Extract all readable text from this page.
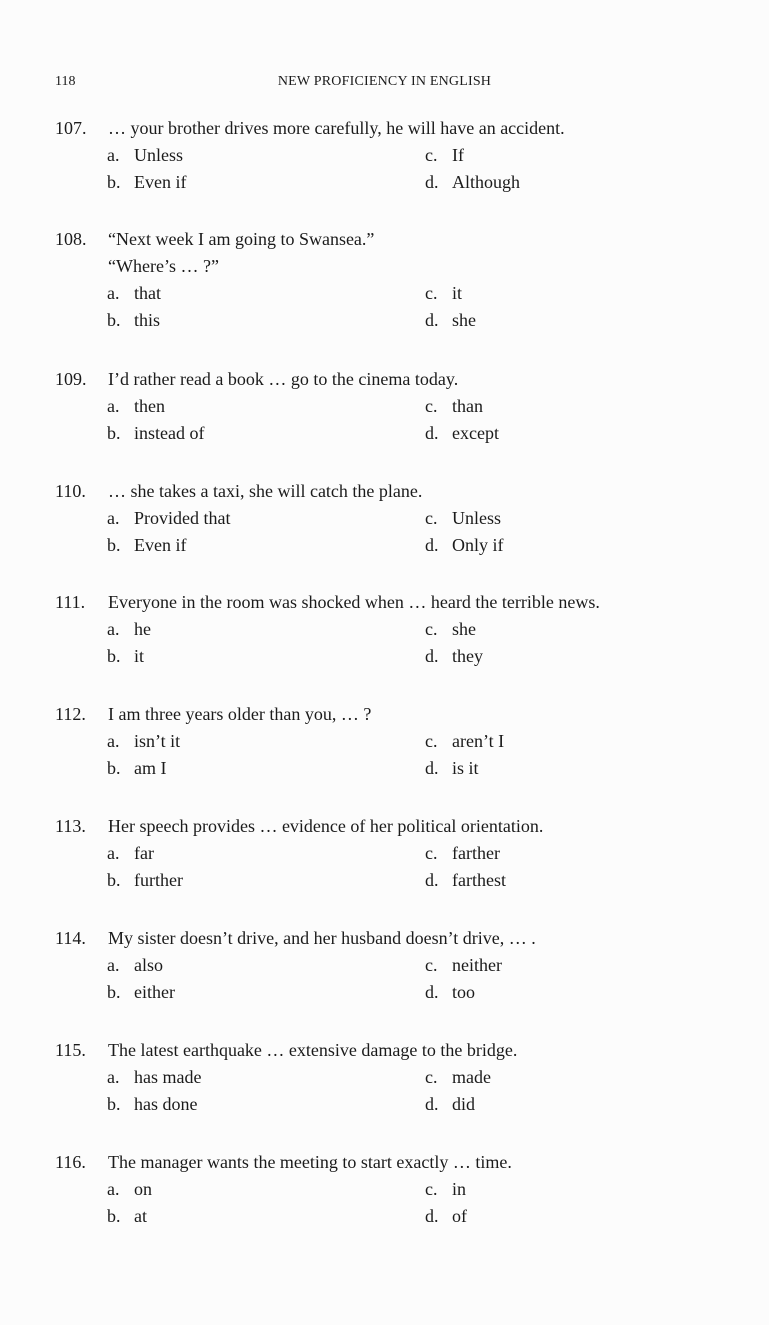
118	NEW PROFICIENCY IN ENGLISH
107. … your brother drives more carefully, he will have an accident.
a. Unless	c. If
b. Even if	d. Although
108. “Next week I am going to Swansea.”
“Where’s … ?”
a. that	c. it
b. this	d. she
109. I’d rather read a book … go to the cinema today.
a. then	c. than
b. instead of	d. except
110. … she takes a taxi, she will catch the plane.
a. Provided that	c. Unless
b. Even if	d. Only if
111. Everyone in the room was shocked when … heard the terrible news.
a. he	c. she
b. it	d. they
112. I am three years older than you, … ?
a. isn’t it	c. aren’t I
b. am I	d. is it
113. Her speech provides … evidence of her political orientation.
a. far	c. farther
b. further	d. farthest
114. My sister doesn’t drive, and her husband doesn’t drive, … .
a. also	c. neither
b. either	d. too
115. The latest earthquake … extensive damage to the bridge.
a. has made	c. made
b. has done	d. did
116. The manager wants the meeting to start exactly … time.
a. on	c. in
b. at	d. of
